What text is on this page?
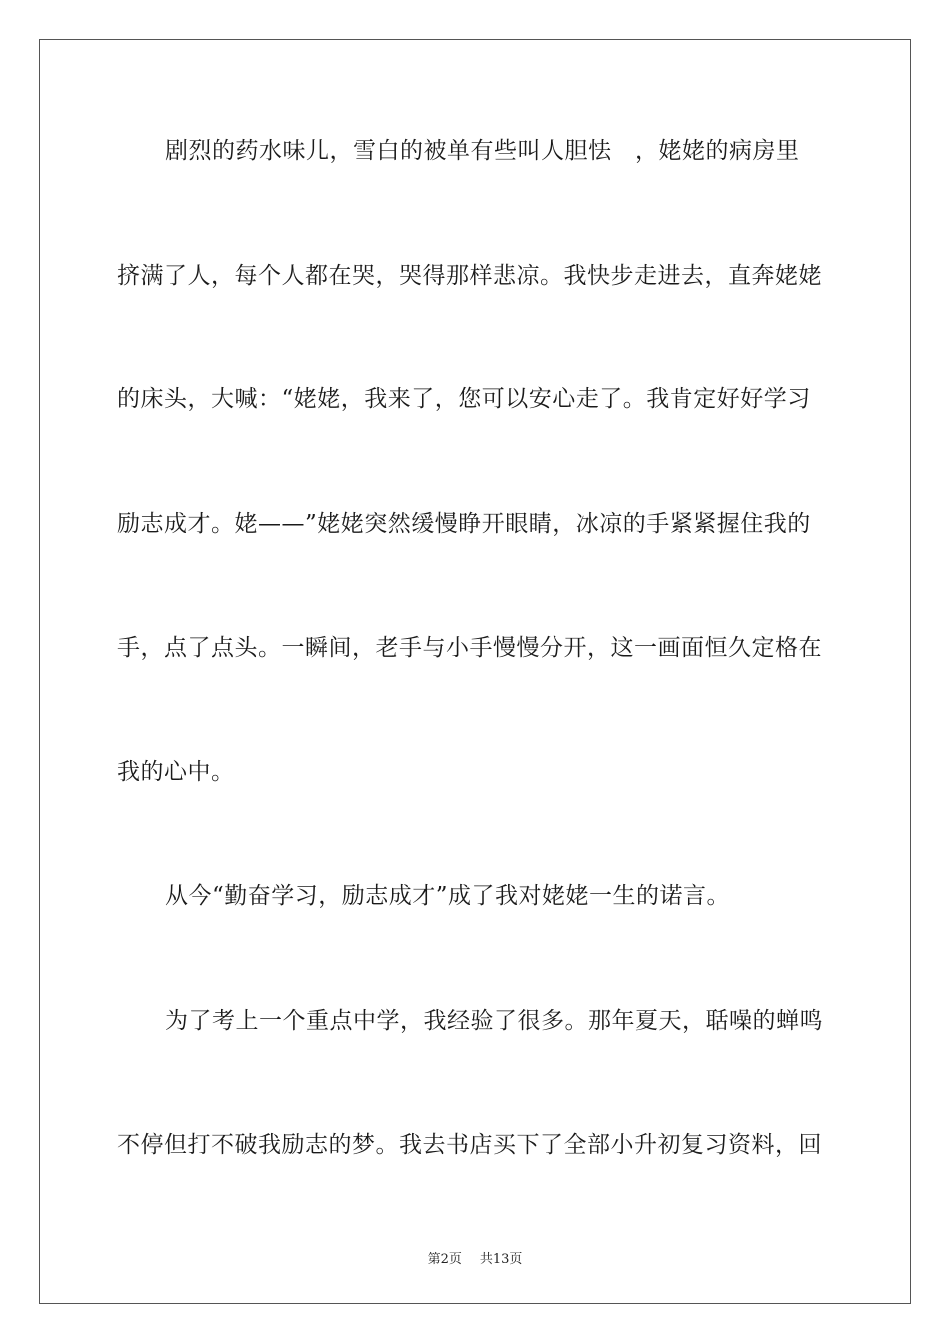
剧烈的药水味儿，雪白的被单有些叫人胆怯　，姥姥的病房里
挤满了人，每个人都在哭，哭得那样悲凉。我快步走进去，直奔姥姥
的床头，大喊：“姥姥，我来了，您可以安心走了。我肯定好好学习
励志成才。姥——”姥姥突然缓慢睁开眼睛，冰凉的手紧紧握住我的
手，点了点头。一瞬间，老手与小手慢慢分开，这一画面恒久定格在
我的心中。
从今“勤奋学习，励志成才”成了我对姥姥一生的诺言。
为了考上一个重点中学，我经验了很多。那年夏天，聒噪的蝉鸣
不停但打不破我励志的梦。我去书店买下了全部小升初复习资料，回
第2页 共13页
